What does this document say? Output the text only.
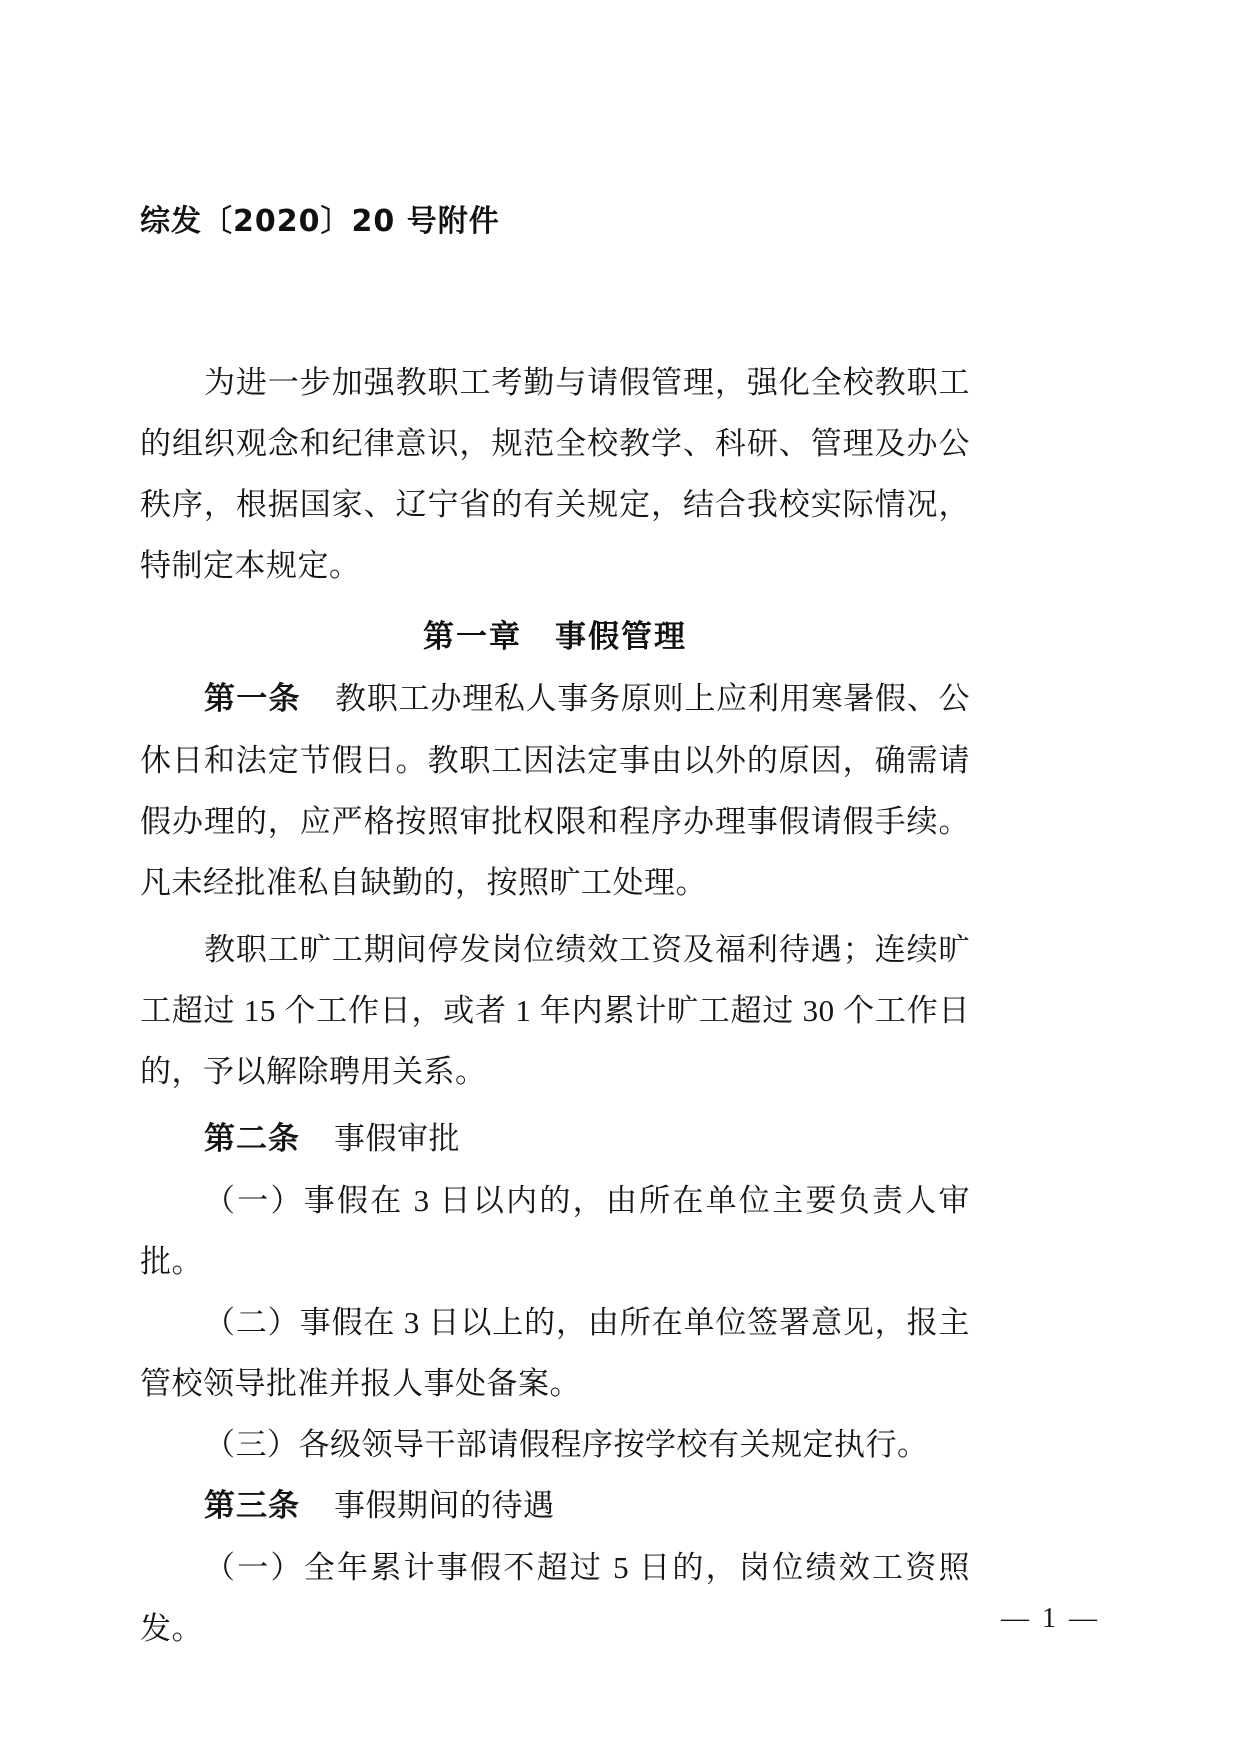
综发〔2020〕20 号附件

为进一步加强教职工考勤与请假管理，强化全校教职工的组织观念和纪律意识，规范全校教学、科研、管理及办公秩序，根据国家、辽宁省的有关规定，结合我校实际情况，特制定本规定。

第一章　事假管理

第一条 教职工办理私人事务原则上应利用寒暑假、公休日和法定节假日。教职工因法定事由以外的原因，确需请假办理的，应严格按照审批权限和程序办理事假请假手续。凡未经批准私自缺勤的，按照旷工处理。

教职工旷工期间停发岗位绩效工资及福利待遇；连续旷工超过 15 个工作日，或者 1 年内累计旷工超过 30 个工作日的，予以解除聘用关系。

第二条 事假审批

（一）事假在 3 日以内的，由所在单位主要负责人审批。

（二）事假在 3 日以上的，由所在单位签署意见，报主管校领导批准并报人事处备案。

（三）各级领导干部请假程序按学校有关规定执行。

第三条 事假期间的待遇

（一）全年累计事假不超过 5 日的，岗位绩效工资照发。	— 1 —
